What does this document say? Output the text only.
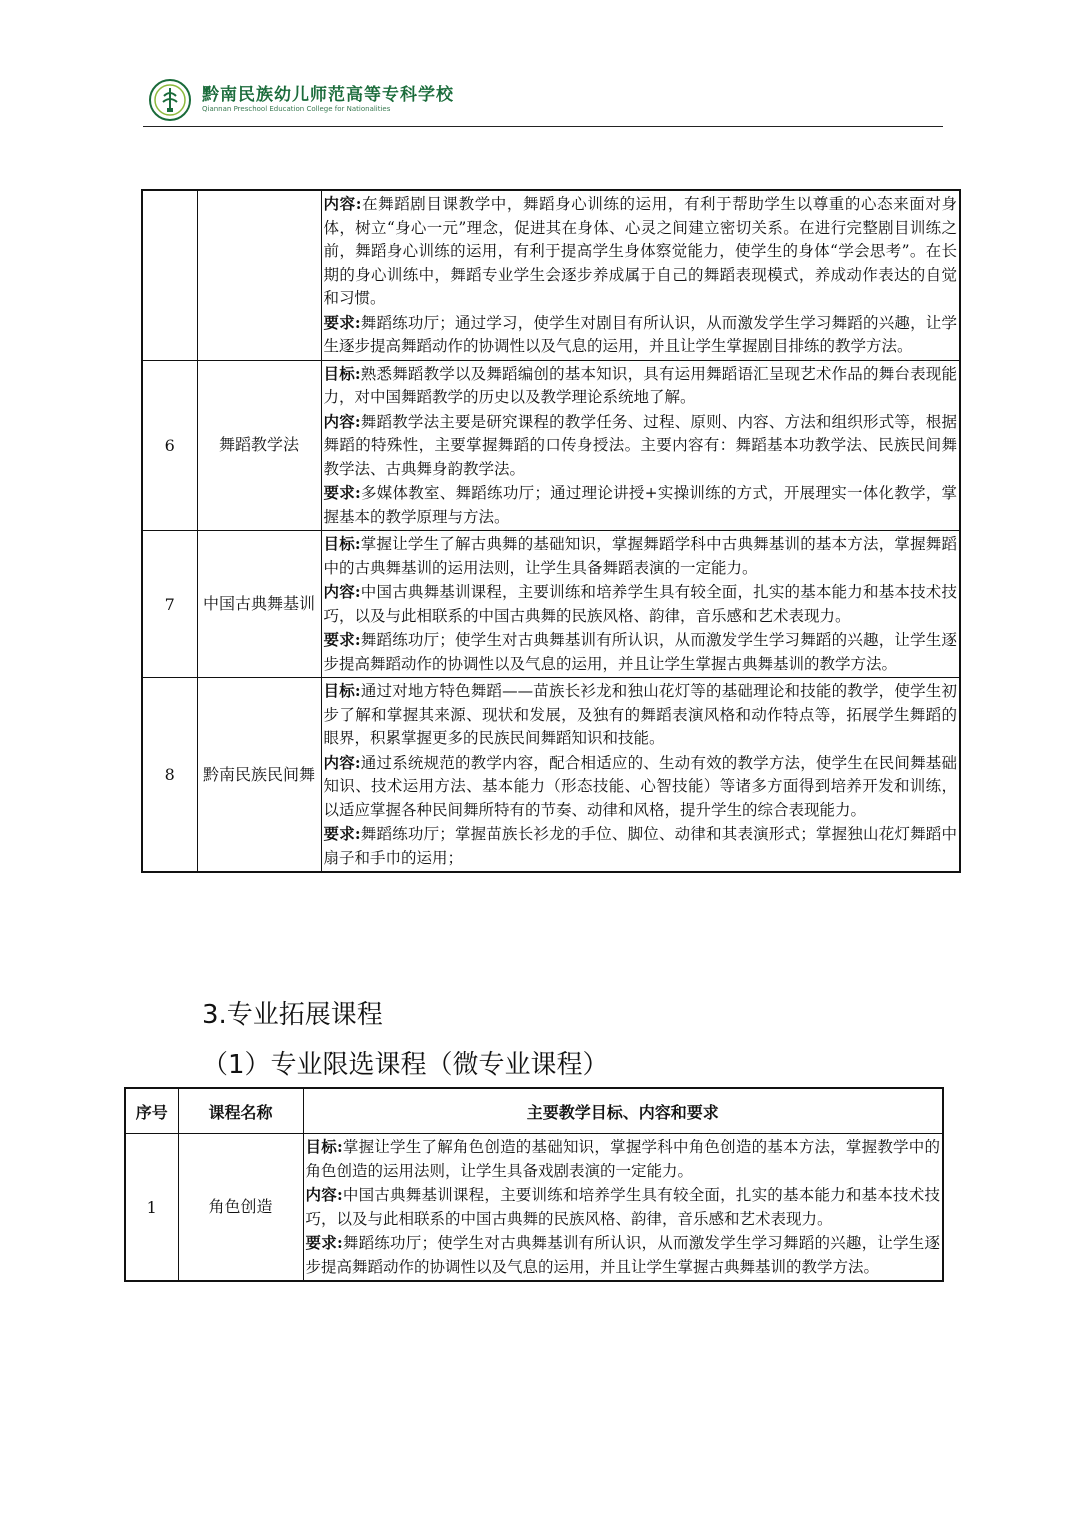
黔南民族幼儿师范高等专科学校
Qiannan Preschool Education College for Nationalities

		内容:在舞蹈剧目课教学中，舞蹈身心训练的运用，有利于帮助学生以尊重的心态来面对身体，树立“身心一元”理念，促进其在身体、心灵之间建立密切关系。在进行完整剧目训练之前，舞蹈身心训练的运用，有利于提高学生身体察觉能力，使学生的身体“学会思考”。在长期的身心训练中，舞蹈专业学生会逐步养成属于自己的舞蹈表现模式，养成动作表达的自觉和习惯。

要求:舞蹈练功厅；通过学习，使学生对剧目有所认识，从而激发学生学习舞蹈的兴趣，让学生逐步提高舞蹈动作的协调性以及气息的运用，并且让学生掌握剧目排练的教学方法。

6	舞蹈教学法	目标:熟悉舞蹈教学以及舞蹈编创的基本知识，具有运用舞蹈语汇呈现艺术作品的舞台表现能力，对中国舞蹈教学的历史以及教学理论系统地了解。

内容:舞蹈教学法主要是研究课程的教学任务、过程、原则、内容、方法和组织形式等，根据舞蹈的特殊性，主要掌握舞蹈的口传身授法。主要内容有：舞蹈基本功教学法、民族民间舞教学法、古典舞身韵教学法。

要求:多媒体教室、舞蹈练功厅；通过理论讲授+实操训练的方式，开展理实一体化教学，掌握基本的教学原理与方法。

7	中国古典舞基训	目标:掌握让学生了解古典舞的基础知识，掌握舞蹈学科中古典舞基训的基本方法，掌握舞蹈中的古典舞基训的运用法则，让学生具备舞蹈表演的一定能力。

内容:中国古典舞基训课程，主要训练和培养学生具有较全面，扎实的基本能力和基本技术技巧，以及与此相联系的中国古典舞的民族风格、韵律，音乐感和艺术表现力。

要求:舞蹈练功厅；使学生对古典舞基训有所认识，从而激发学生学习舞蹈的兴趣，让学生逐步提高舞蹈动作的协调性以及气息的运用，并且让学生掌握古典舞基训的教学方法。

8	黔南民族民间舞	目标:通过对地方特色舞蹈——苗族长衫龙和独山花灯等的基础理论和技能的教学，使学生初步了解和掌握其来源、现状和发展，及独有的舞蹈表演风格和动作特点等，拓展学生舞蹈的眼界，积累掌握更多的民族民间舞蹈知识和技能。

内容:通过系统规范的教学内容，配合相适应的、生动有效的教学方法，使学生在民间舞基础知识、技术运用方法、基本能力（形态技能、心智技能）等诸多方面得到培养开发和训练，以适应掌握各种民间舞所特有的节奏、动律和风格，提升学生的综合表现能力。

要求:舞蹈练功厅；掌握苗族长衫龙的手位、脚位、动律和其表演形式；掌握独山花灯舞蹈中扇子和手巾的运用；

3.专业拓展课程
（1）专业限选课程（微专业课程）
序号	课程名称	主要教学目标、内容和要求
1	角色创造	目标:掌握让学生了解角色创造的基础知识，掌握学科中角色创造的基本方法，掌握教学中的角色创造的运用法则，让学生具备戏剧表演的一定能力。

内容:中国古典舞基训课程，主要训练和培养学生具有较全面，扎实的基本能力和基本技术技巧，以及与此相联系的中国古典舞的民族风格、韵律，音乐感和艺术表现力。

要求:舞蹈练功厅；使学生对古典舞基训有所认识，从而激发学生学习舞蹈的兴趣，让学生逐步提高舞蹈动作的协调性以及气息的运用，并且让学生掌握古典舞基训的教学方法。
